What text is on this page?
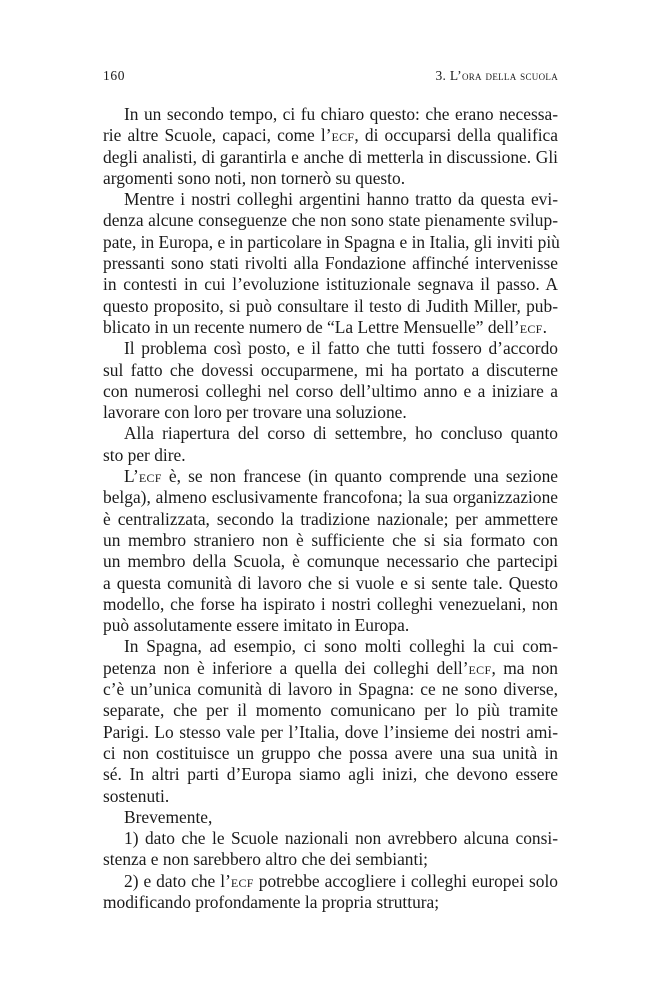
160	3. L’ora della scuola
In un secondo tempo, ci fu chiaro questo: che erano necessa-
rie altre Scuole, capaci, come l’ecf, di occuparsi della qualifica
degli analisti, di garantirla e anche di metterla in discussione. Gli
argomenti sono noti, non tornerò su questo.
Mentre i nostri colleghi argentini hanno tratto da questa evi-
denza alcune conseguenze che non sono state pienamente svilup-
pate, in Europa, e in particolare in Spagna e in Italia, gli inviti più
pressanti sono stati rivolti alla Fondazione affinché intervenisse
in contesti in cui l’evoluzione istituzionale segnava il passo. A
questo proposito, si può consultare il testo di Judith Miller, pub-
blicato in un recente numero de “La Lettre Mensuelle” dell’ecf.
Il problema così posto, e il fatto che tutti fossero d’accordo
sul fatto che dovessi occuparmene, mi ha portato a discuterne
con numerosi colleghi nel corso dell’ultimo anno e a iniziare a
lavorare con loro per trovare una soluzione.
Alla riapertura del corso di settembre, ho concluso quanto
sto per dire.
L’ecf è, se non francese (in quanto comprende una sezione
belga), almeno esclusivamente francofona; la sua organizzazione
è centralizzata, secondo la tradizione nazionale; per ammettere
un membro straniero non è sufficiente che si sia formato con
un membro della Scuola, è comunque necessario che partecipi
a questa comunità di lavoro che si vuole e si sente tale. Questo
modello, che forse ha ispirato i nostri colleghi venezuelani, non
può assolutamente essere imitato in Europa.
In Spagna, ad esempio, ci sono molti colleghi la cui com-
petenza non è inferiore a quella dei colleghi dell’ecf, ma non
c’è un’unica comunità di lavoro in Spagna: ce ne sono diverse,
separate, che per il momento comunicano per lo più tramite
Parigi. Lo stesso vale per l’Italia, dove l’insieme dei nostri ami-
ci non costituisce un gruppo che possa avere una sua unità in
sé. In altri parti d’Europa siamo agli inizi, che devono essere
sostenuti.
Brevemente,
1) dato che le Scuole nazionali non avrebbero alcuna consi-
stenza e non sarebbero altro che dei sembianti;
2) e dato che l’ecf potrebbe accogliere i colleghi europei solo
modificando profondamente la propria struttura;
